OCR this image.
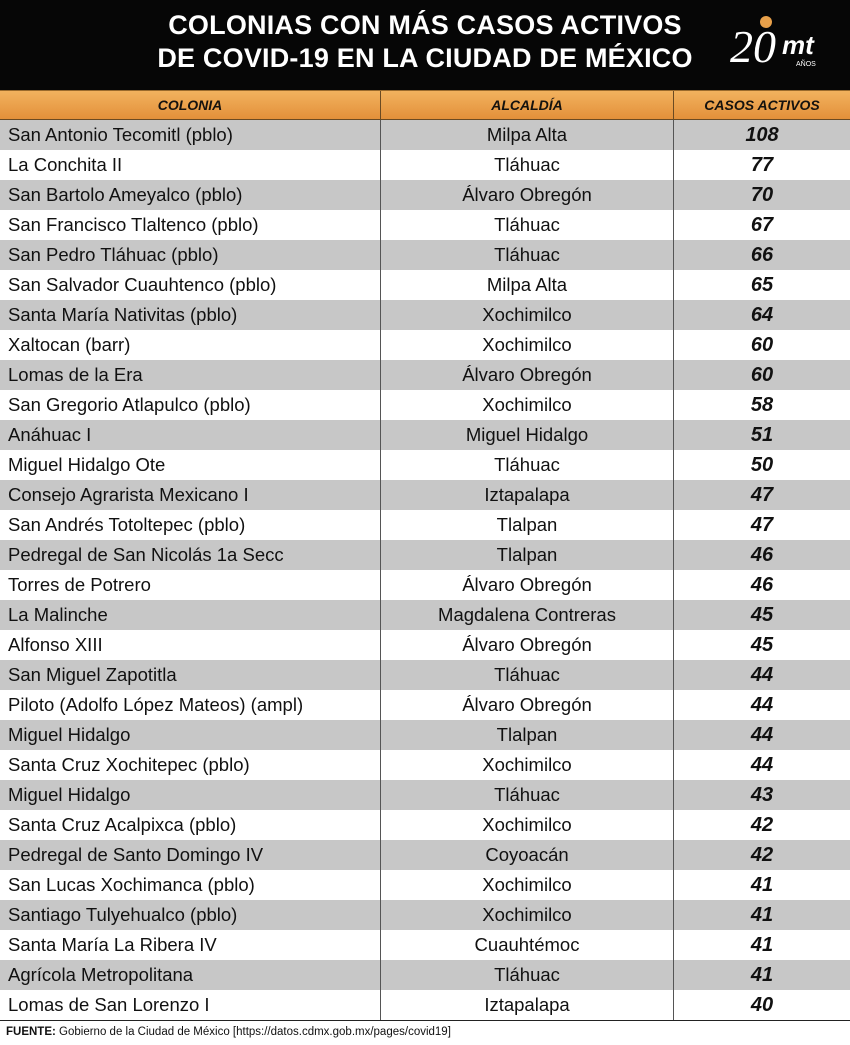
COLONIAS CON MÁS CASOS ACTIVOS
DE COVID-19 EN LA CIUDAD DE MÉXICO 20 mt
AÑOS
COLONIA	ALCALDÍA	CASOS ACTIVOS
San Antonio Tecomitl (pblo)	Milpa Alta	108
La Conchita II	Tláhuac	77
San Bartolo Ameyalco (pblo)	Álvaro Obregón	70
San Francisco Tlaltenco (pblo)	Tláhuac	67
San Pedro Tláhuac (pblo)	Tláhuac	66
San Salvador Cuauhtenco (pblo)	Milpa Alta	65
Santa María Nativitas (pblo)	Xochimilco	64
Xaltocan (barr)	Xochimilco	60
Lomas de la Era	Álvaro Obregón	60
San Gregorio Atlapulco (pblo)	Xochimilco	58
Anáhuac I	Miguel Hidalgo	51
Miguel Hidalgo Ote	Tláhuac	50
Consejo Agrarista Mexicano I	Iztapalapa	47
San Andrés Totoltepec (pblo)	Tlalpan	47
Pedregal de San Nicolás 1a Secc	Tlalpan	46
Torres de Potrero	Álvaro Obregón	46
La Malinche	Magdalena Contreras	45
Alfonso XIII	Álvaro Obregón	45
San Miguel Zapotitla	Tláhuac	44
Piloto (Adolfo López Mateos) (ampl)	Álvaro Obregón	44
Miguel Hidalgo	Tlalpan	44
Santa Cruz Xochitepec (pblo)	Xochimilco	44
Miguel Hidalgo	Tláhuac	43
Santa Cruz Acalpixca (pblo)	Xochimilco	42
Pedregal de Santo Domingo IV	Coyoacán	42
San Lucas Xochimanca (pblo)	Xochimilco	41
Santiago Tulyehualco (pblo)	Xochimilco	41
Santa María La Ribera IV	Cuauhtémoc	41
Agrícola Metropolitana	Tláhuac	41
Lomas de San Lorenzo I	Iztapalapa	40
FUENTE: Gobierno de la Ciudad de México [https://datos.cdmx.gob.mx/pages/covid19]
